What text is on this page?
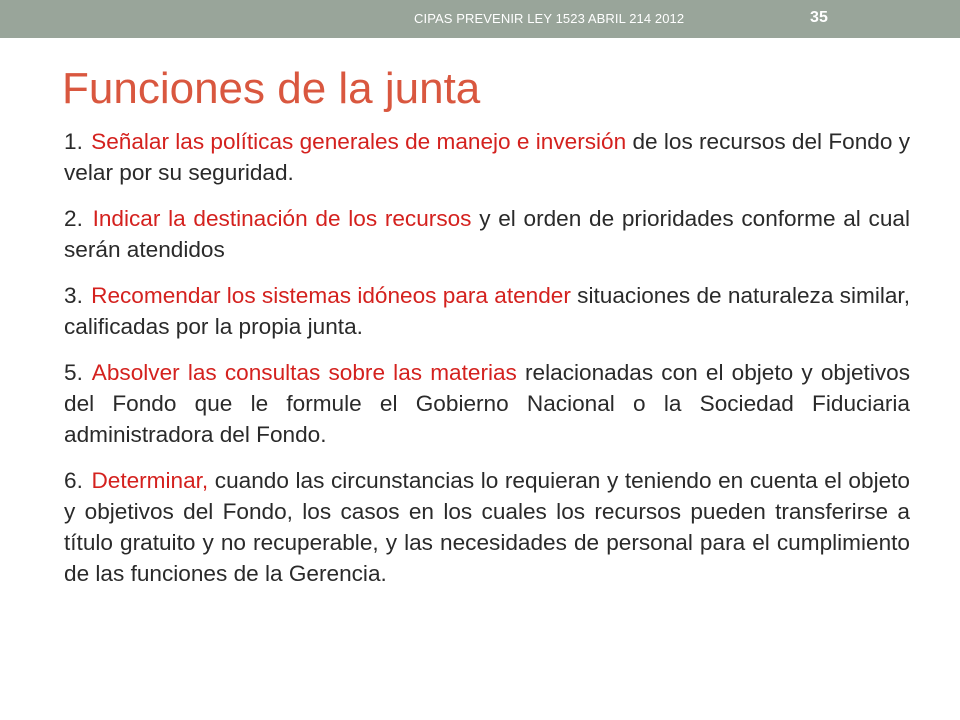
CIPAS PREVENIR LEY 1523 ABRIL 214 2012	35
Funciones de la junta

1. Señalar las políticas generales de manejo e inversión de los recursos del Fondo y velar por su seguridad.

2. Indicar la destinación de los recursos y el orden de prioridades conforme al cual serán atendidos

3. Recomendar los sistemas idóneos para atender situaciones de naturaleza similar, calificadas por la propia junta.

5. Absolver las consultas sobre las materias relacionadas con el objeto y objetivos del Fondo que le formule el Gobierno Nacional o la Sociedad Fiduciaria administradora del Fondo.

6. Determinar, cuando las circunstancias lo requieran y teniendo en cuenta el objeto y objetivos del Fondo, los casos en los cuales los recursos pueden transferirse a título gratuito y no recuperable, y las necesidades de personal para el cumplimiento de las funciones de la Gerencia.
